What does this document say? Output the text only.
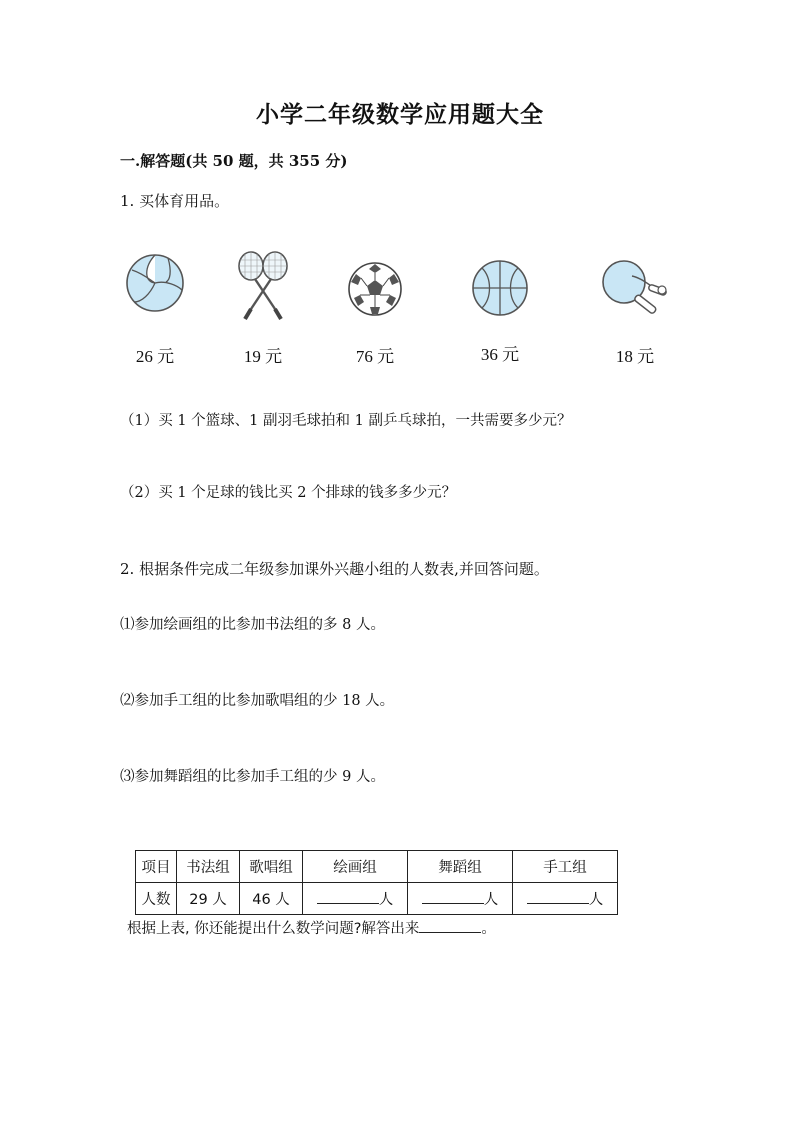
小学二年级数学应用题大全
一.解答题(共 50 题，共 355 分)
1. 买体育用品。
26 元	19 元	76 元	36 元	18 元
（1）买 1 个篮球、1 副羽毛球拍和 1 副乒乓球拍，一共需要多少元？
（2）买 1 个足球的钱比买 2 个排球的钱多多少元？
2. 根据条件完成二年级参加课外兴趣小组的人数表,并回答问题。
⑴参加绘画组的比参加书法组的多 8 人。
⑵参加手工组的比参加歌唱组的少 18 人。
⑶参加舞蹈组的比参加手工组的少 9 人。
项目	书法组	歌唱组	绘画组	舞蹈组	手工组
人数	29 人	46 人	人	人	人
根据上表, 你还能提出什么数学问题?解答出来	。
